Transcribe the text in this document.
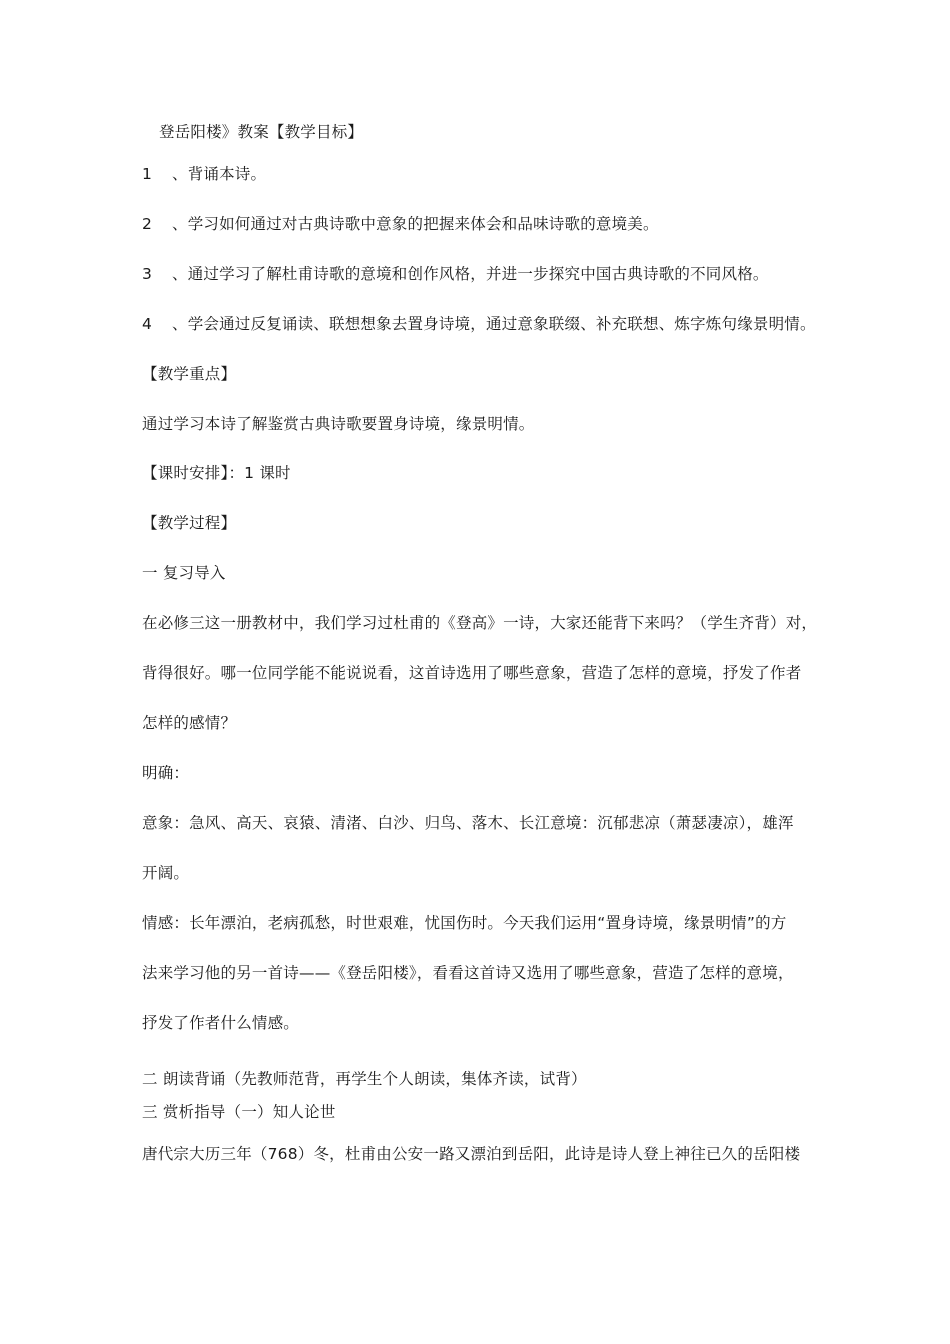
登岳阳楼》教案【教学目标】
1 、背诵本诗。
2 、学习如何通过对古典诗歌中意象的把握来体会和品味诗歌的意境美。
3 、通过学习了解杜甫诗歌的意境和创作风格，并进一步探究中国古典诗歌的不同风格。
4 、学会通过反复诵读、联想想象去置身诗境，通过意象联缀、补充联想、炼字炼句缘景明情。
【教学重点】
通过学习本诗了解鉴赏古典诗歌要置身诗境，缘景明情。
【课时安排】：1 课时
【教学过程】
一 复习导入
在必修三这一册教材中，我们学习过杜甫的《登高》一诗，大家还能背下来吗？（学生齐背）对，
背得很好。哪一位同学能不能说说看，这首诗选用了哪些意象，营造了怎样的意境，抒发了作者
怎样的感情？
明确：
意象：急风、高天、哀猿、清渚、白沙、归鸟、落木、长江意境：沉郁悲凉（萧瑟凄凉），雄浑
开阔。
情感：长年漂泊，老病孤愁，时世艰难，忧国伤时。今天我们运用“置身诗境，缘景明情”的方
法来学习他的另一首诗——《登岳阳楼》，看看这首诗又选用了哪些意象，营造了怎样的意境，
抒发了作者什么情感。
二 朗读背诵（先教师范背，再学生个人朗读，集体齐读，试背）
三 赏析指导（一）知人论世
唐代宗大历三年（768）冬，杜甫由公安一路又漂泊到岳阳，此诗是诗人登上神往已久的岳阳楼
